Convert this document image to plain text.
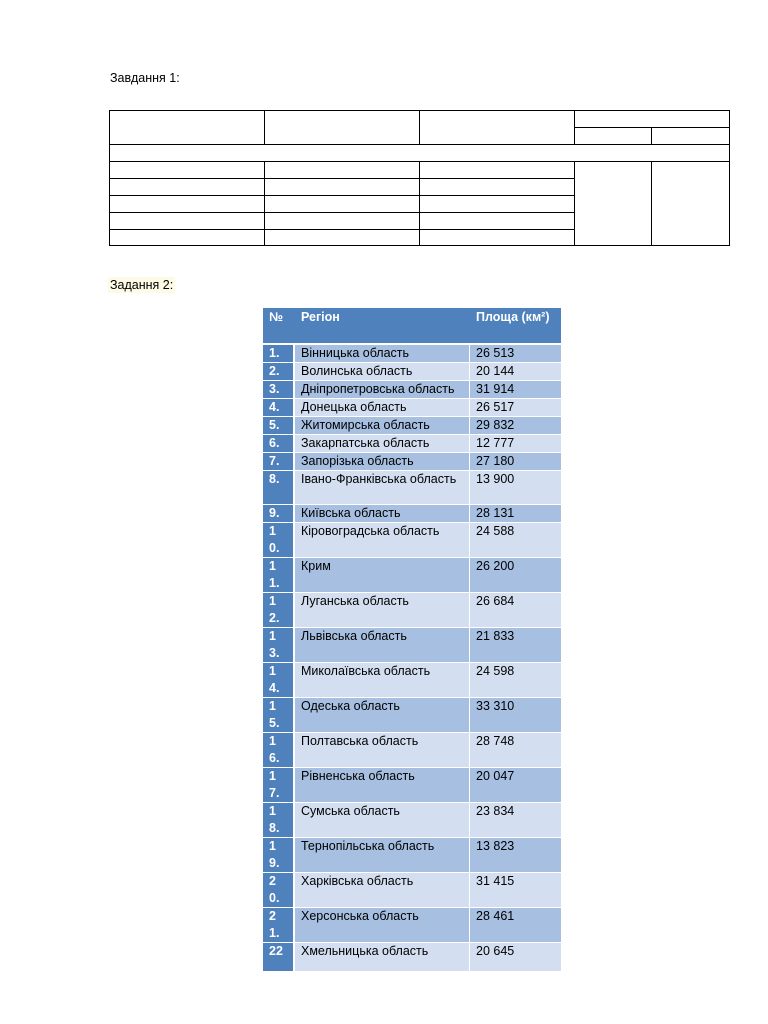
Завдання 1:

Задання 2:
№	Регіон	Площа (км²)

1.	Вінницька область	26 513

2.	Волинська область	20 144

3.	Дніпропетровська область	31 914

4.	Донецька область	26 517

5.	Житомирська область	29 832

6.	Закарпатська область	12 777

7.	Запорізька область	27 180

8.	Івано-Франківська область	13 900

9.	Київська область	28 131

10.	Кіровоградська область	24 588

11.	Крим	26 200

12.	Луганська область	26 684

13.	Львівська область	21 833

14.	Миколаївська область	24 598

15.	Одеська область	33 310

16.	Полтавська область	28 748

17.	Рівненська область	20 047

18.	Сумська область	23 834

19.	Тернопільська область	13 823

20.	Харківська область	31 415

21.	Херсонська область	28 461

22	Хмельницька область	20 645
